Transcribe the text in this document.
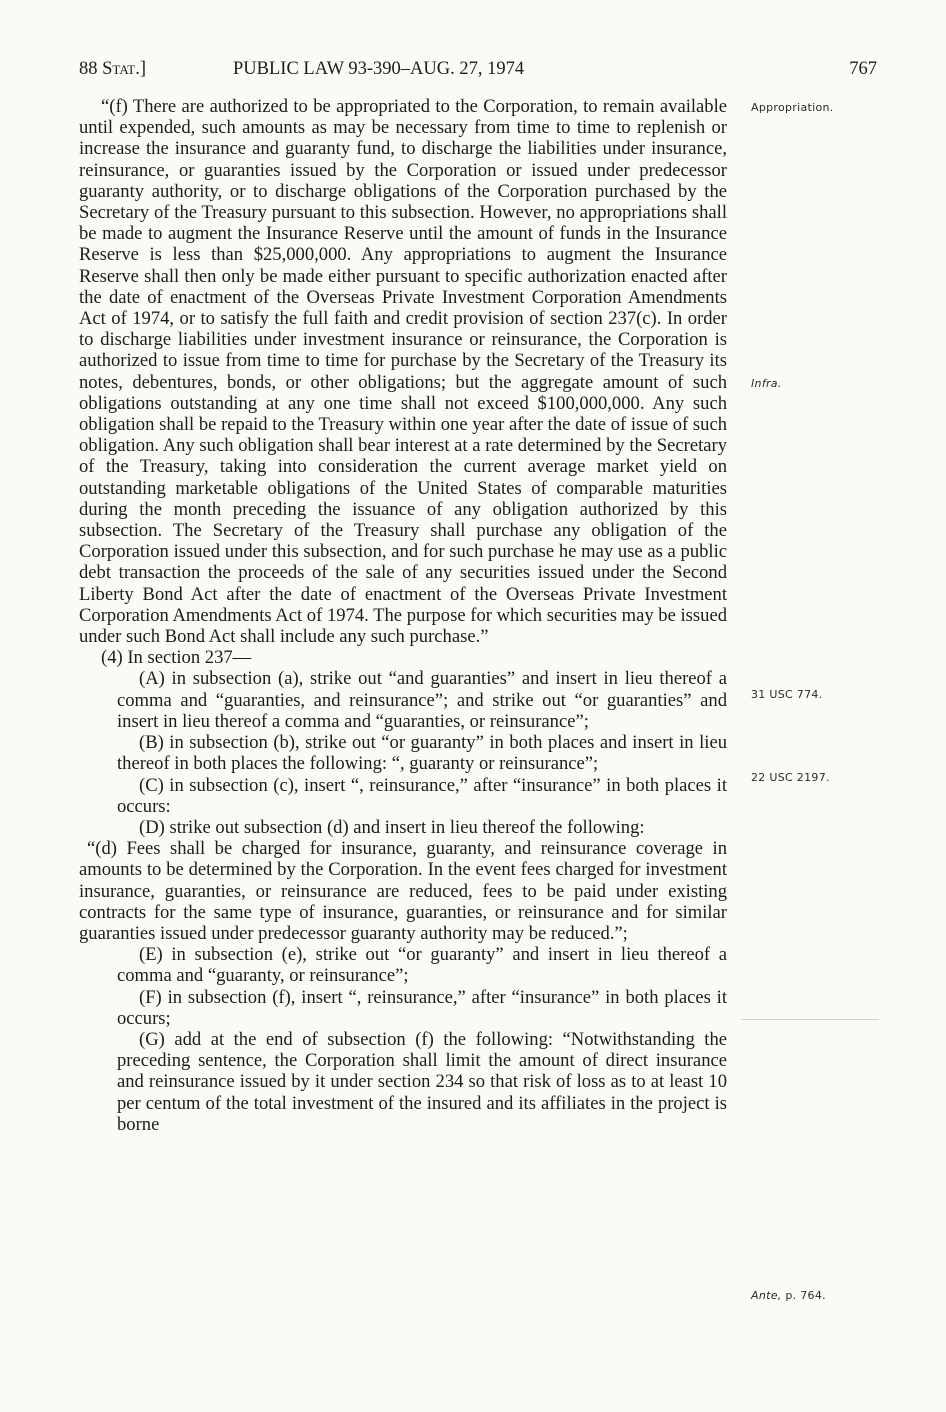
88 Stat.]	PUBLIC LAW 93-390–AUG. 27, 1974	767

“(f) There are authorized to be appropriated to the Corporation, to remain available until expended, such amounts as may be necessary from time to time to replenish or increase the insurance and guaranty fund, to discharge the liabilities under insurance, reinsurance, or guaranties issued by the Corporation or issued under predecessor guaranty authority, or to discharge obligations of the Corporation purchased by the Secretary of the Treasury pursuant to this subsection. However, no appropriations shall be made to augment the Insurance Reserve until the amount of funds in the Insurance Reserve is less than $25,000,000. Any appropriations to augment the Insurance Reserve shall then only be made either pursuant to specific authorization enacted after the date of enactment of the Overseas Private Investment Corporation Amendments Act of 1974, or to satisfy the full faith and credit provision of section 237(c). In order to discharge liabilities under investment insurance or reinsurance, the Corporation is authorized to issue from time to time for purchase by the Secretary of the Treasury its notes, debentures, bonds, or other obligations; but the aggregate amount of such obligations outstanding at any one time shall not exceed $100,000,000. Any such obligation shall be repaid to the Treasury within one year after the date of issue of such obligation. Any such obligation shall bear interest at a rate determined by the Secretary of the Treasury, taking into consideration the current average market yield on outstanding marketable obligations of the United States of comparable maturities during the month preceding the issuance of any obligation authorized by this subsection. The Secretary of the Treasury shall purchase any obligation of the Corporation issued under this subsection, and for such purchase he may use as a public debt transaction the proceeds of the sale of any securities issued under the Second Liberty Bond Act after the date of enactment of the Overseas Private Investment Corporation Amendments Act of 1974. The purpose for which securities may be issued under such Bond Act shall include any such purchase.”

(4) In section 237—

(A) in subsection (a), strike out “and guaranties” and insert in lieu thereof a comma and “guaranties, and reinsurance”; and strike out “or guaranties” and insert in lieu thereof a comma and “guaranties, or reinsurance”;

(B) in subsection (b), strike out “or guaranty” in both places and insert in lieu thereof in both places the following: “, guaranty or reinsurance”;

(C) in subsection (c), insert “, reinsurance,” after “insurance” in both places it occurs:

(D) strike out subsection (d) and insert in lieu thereof the following:

“(d) Fees shall be charged for insurance, guaranty, and reinsurance coverage in amounts to be determined by the Corporation. In the event fees charged for investment insurance, guaranties, or reinsurance are reduced, fees to be paid under existing contracts for the same type of insurance, guaranties, or reinsurance and for similar guaranties issued under predecessor guaranty authority may be reduced.”;

(E) in subsection (e), strike out “or guaranty” and insert in lieu thereof a comma and “guaranty, or reinsurance”;

(F) in subsection (f), insert “, reinsurance,” after “insurance” in both places it occurs;

(G) add at the end of subsection (f) the following: “Notwithstanding the preceding sentence, the Corporation shall limit the amount of direct insurance and reinsurance issued by it under section 234 so that risk of loss as to at least 10 per centum of the total investment of the insured and its affiliates in the project is borne

Appropriation.
Infra.
31 USC 774.
22 USC 2197.
Ante, p. 764.
